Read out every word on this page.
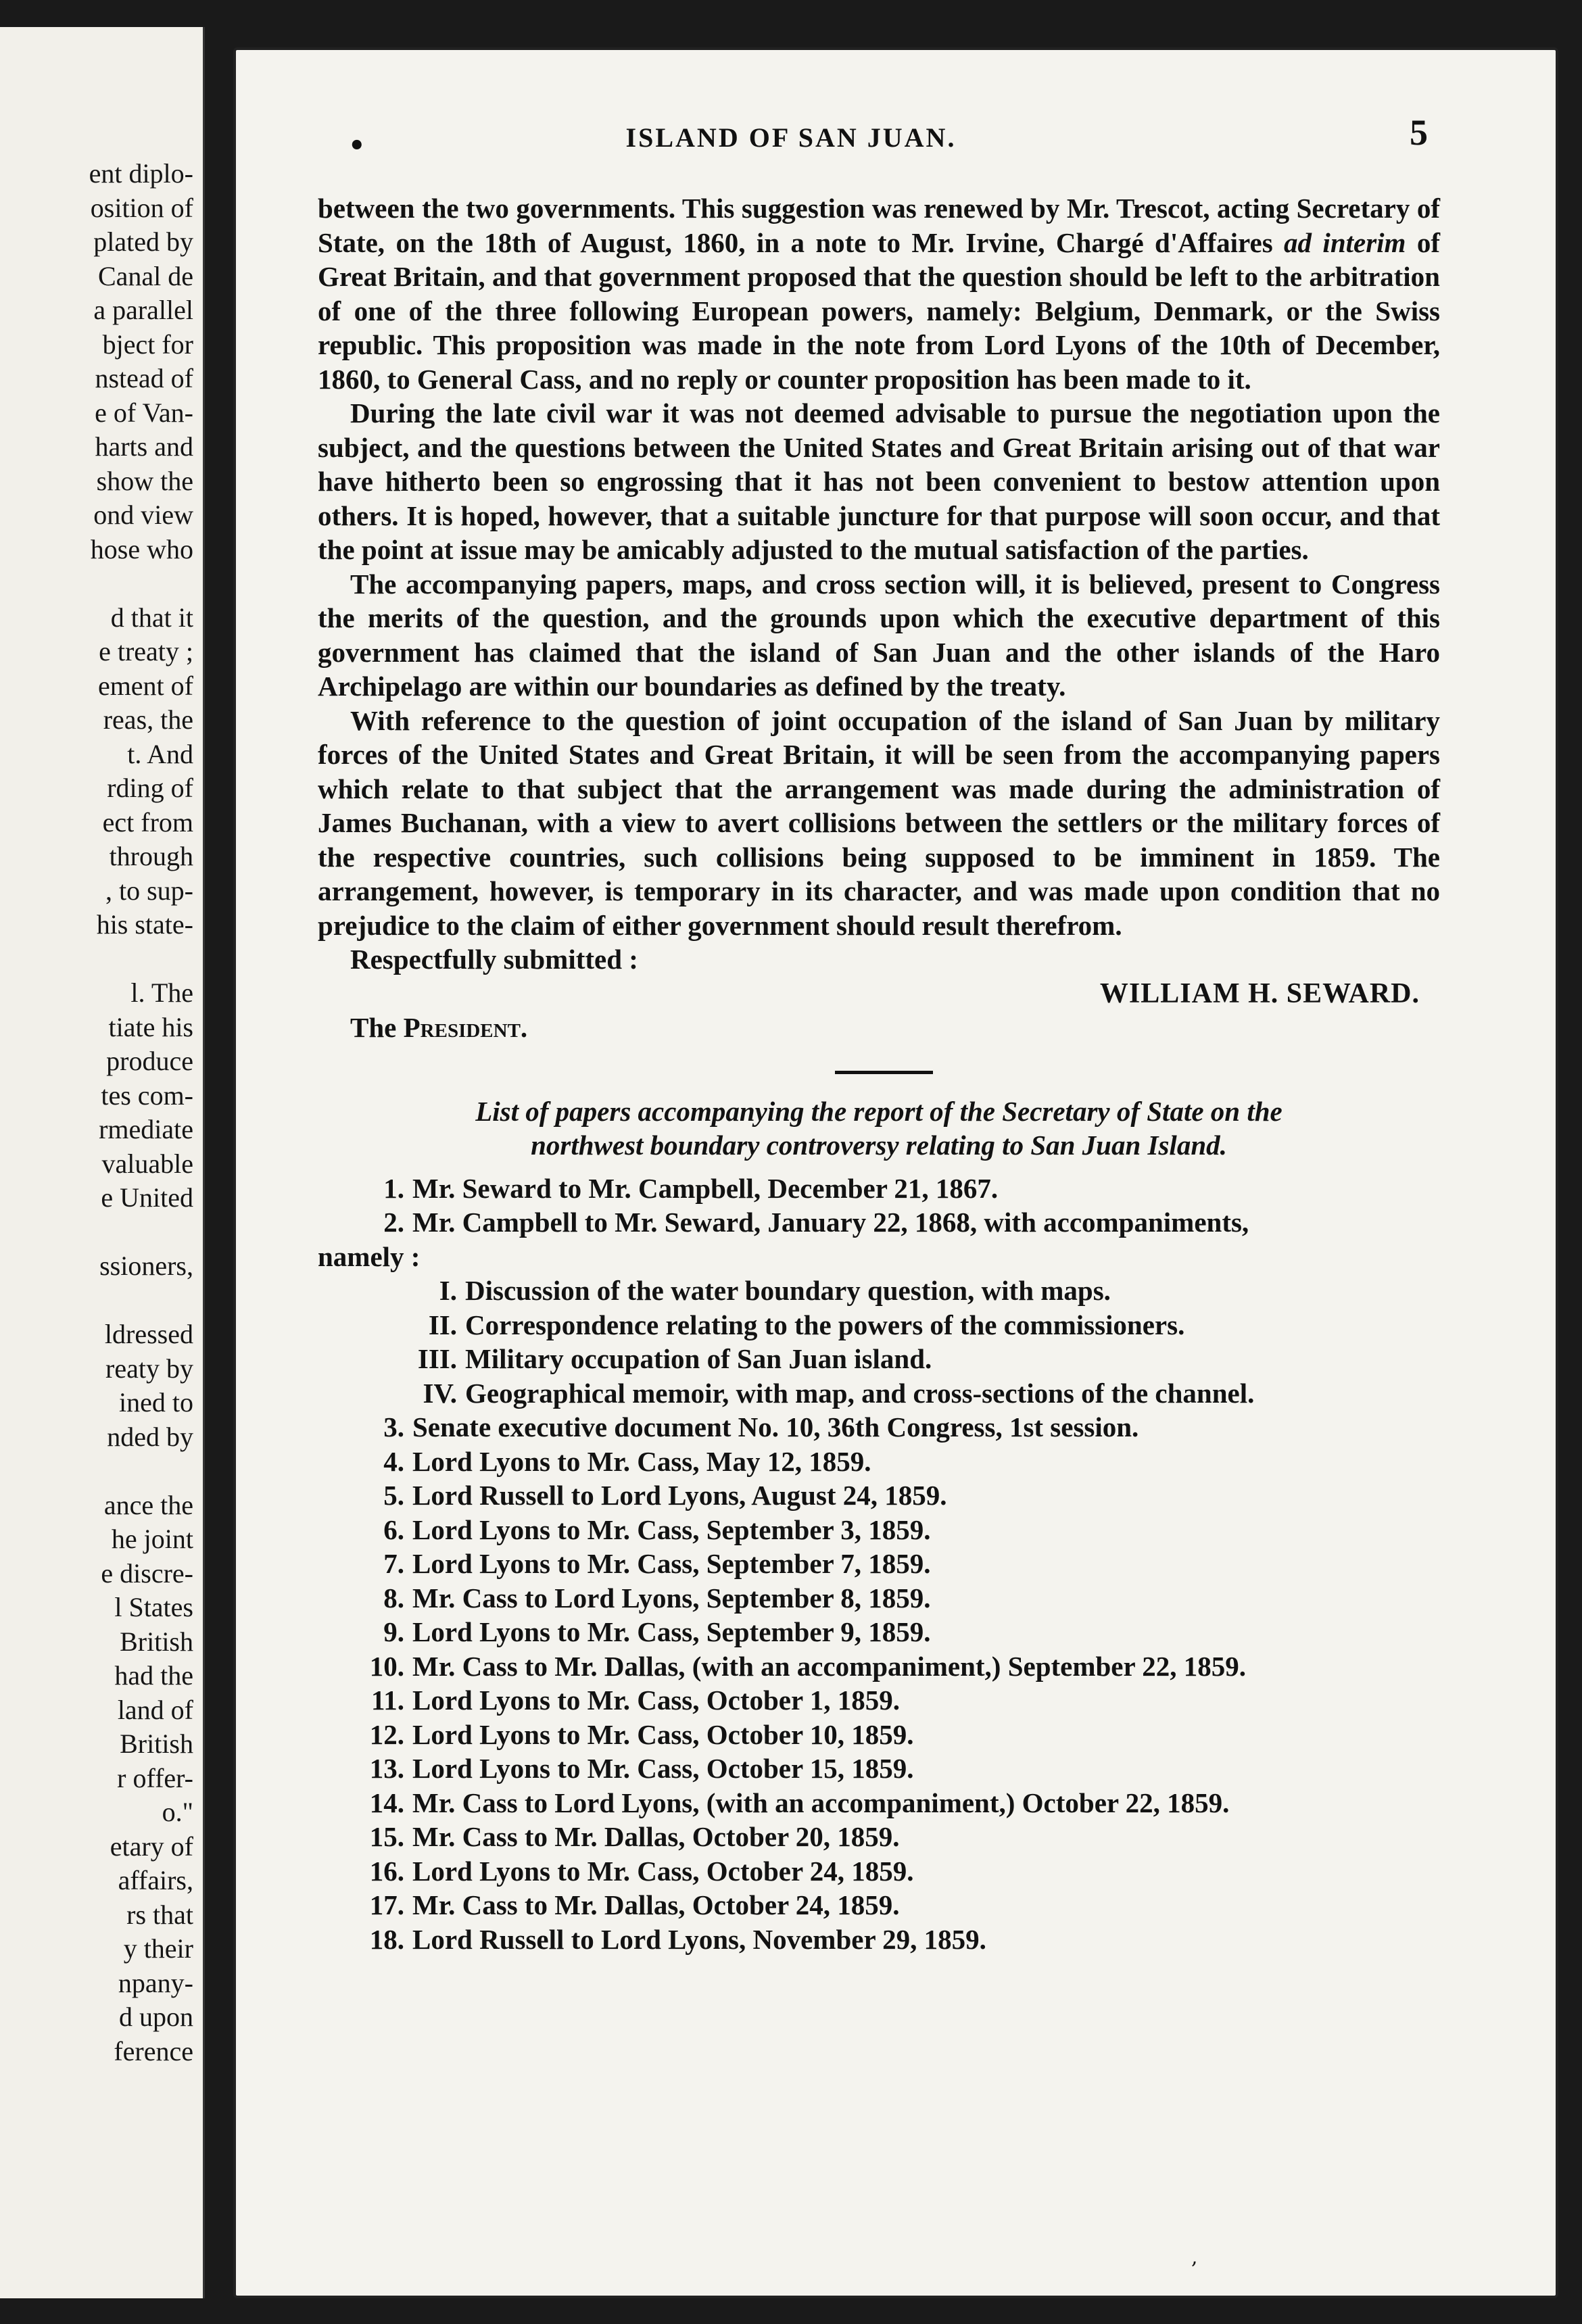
ent diplo-
osition of
plated by
Canal de
a parallel
bject for
nstead of
e of Van-
harts and
show the
ond view
hose who
d that it
e treaty ;
ement of
reas, the
t. And
rding of
ect from
through
, to sup-
his state-
l. The
tiate his
produce
tes com-
rmediate
valuable
e United
ssioners,
ldressed
reaty by
ined to
nded by
ance the
he joint
e discre-
l States
British
had the
land of
British
r offer-
o."
etary of
affairs,
rs that
y their
npany-
d upon
ference
•	ISLAND OF SAN JUAN.	5

between the two governments. This suggestion was renewed by Mr. Trescot, acting Secretary of State, on the 18th of August, 1860, in a note to Mr. Irvine, Chargé d'Affaires ad interim of Great Britain, and that government proposed that the question should be left to the arbitration of one of the three following European powers, namely: Belgium, Denmark, or the Swiss republic. This proposition was made in the note from Lord Lyons of the 10th of December, 1860, to General Cass, and no reply or counter proposition has been made to it.

During the late civil war it was not deemed advisable to pursue the negotiation upon the subject, and the questions between the United States and Great Britain arising out of that war have hitherto been so engrossing that it has not been convenient to bestow attention upon others. It is hoped, however, that a suitable juncture for that purpose will soon occur, and that the point at issue may be amicably adjusted to the mutual satisfaction of the parties.

The accompanying papers, maps, and cross section will, it is believed, present to Congress the merits of the question, and the grounds upon which the executive department of this government has claimed that the island of San Juan and the other islands of the Haro Archipelago are within our boundaries as defined by the treaty.

With reference to the question of joint occupation of the island of San Juan by military forces of the United States and Great Britain, it will be seen from the accompanying papers which relate to that subject that the arrangement was made during the administration of James Buchanan, with a view to avert collisions between the settlers or the military forces of the respective countries, such collisions being supposed to be imminent in 1859. The arrangement, however, is temporary in its character, and was made upon condition that no prejudice to the claim of either government should result therefrom.

Respectfully submitted :

WILLIAM H. SEWARD.

The President.

List of papers accompanying the report of the Secretary of State on the
northwest boundary controversy relating to San Juan Island.

1. Mr. Seward to Mr. Campbell, December 21, 1867.
2. Mr. Campbell to Mr. Seward, January 22, 1868, with accompaniments,
namely :
I. Discussion of the water boundary question, with maps.
II. Correspondence relating to the powers of the commissioners.
III. Military occupation of San Juan island.
IV. Geographical memoir, with map, and cross-sections of the channel.
3. Senate executive document No. 10, 36th Congress, 1st session.
4. Lord Lyons to Mr. Cass, May 12, 1859.
5. Lord Russell to Lord Lyons, August 24, 1859.
6. Lord Lyons to Mr. Cass, September 3, 1859.
7. Lord Lyons to Mr. Cass, September 7, 1859.
8. Mr. Cass to Lord Lyons, September 8, 1859.
9. Lord Lyons to Mr. Cass, September 9, 1859.
10. Mr. Cass to Mr. Dallas, (with an accompaniment,) September 22, 1859.
11. Lord Lyons to Mr. Cass, October 1, 1859.
12. Lord Lyons to Mr. Cass, October 10, 1859.
13. Lord Lyons to Mr. Cass, October 15, 1859.
14. Mr. Cass to Lord Lyons, (with an accompaniment,) October 22, 1859.
15. Mr. Cass to Mr. Dallas, October 20, 1859.
16. Lord Lyons to Mr. Cass, October 24, 1859.
17. Mr. Cass to Mr. Dallas, October 24, 1859.
18. Lord Russell to Lord Lyons, November 29, 1859.
,
